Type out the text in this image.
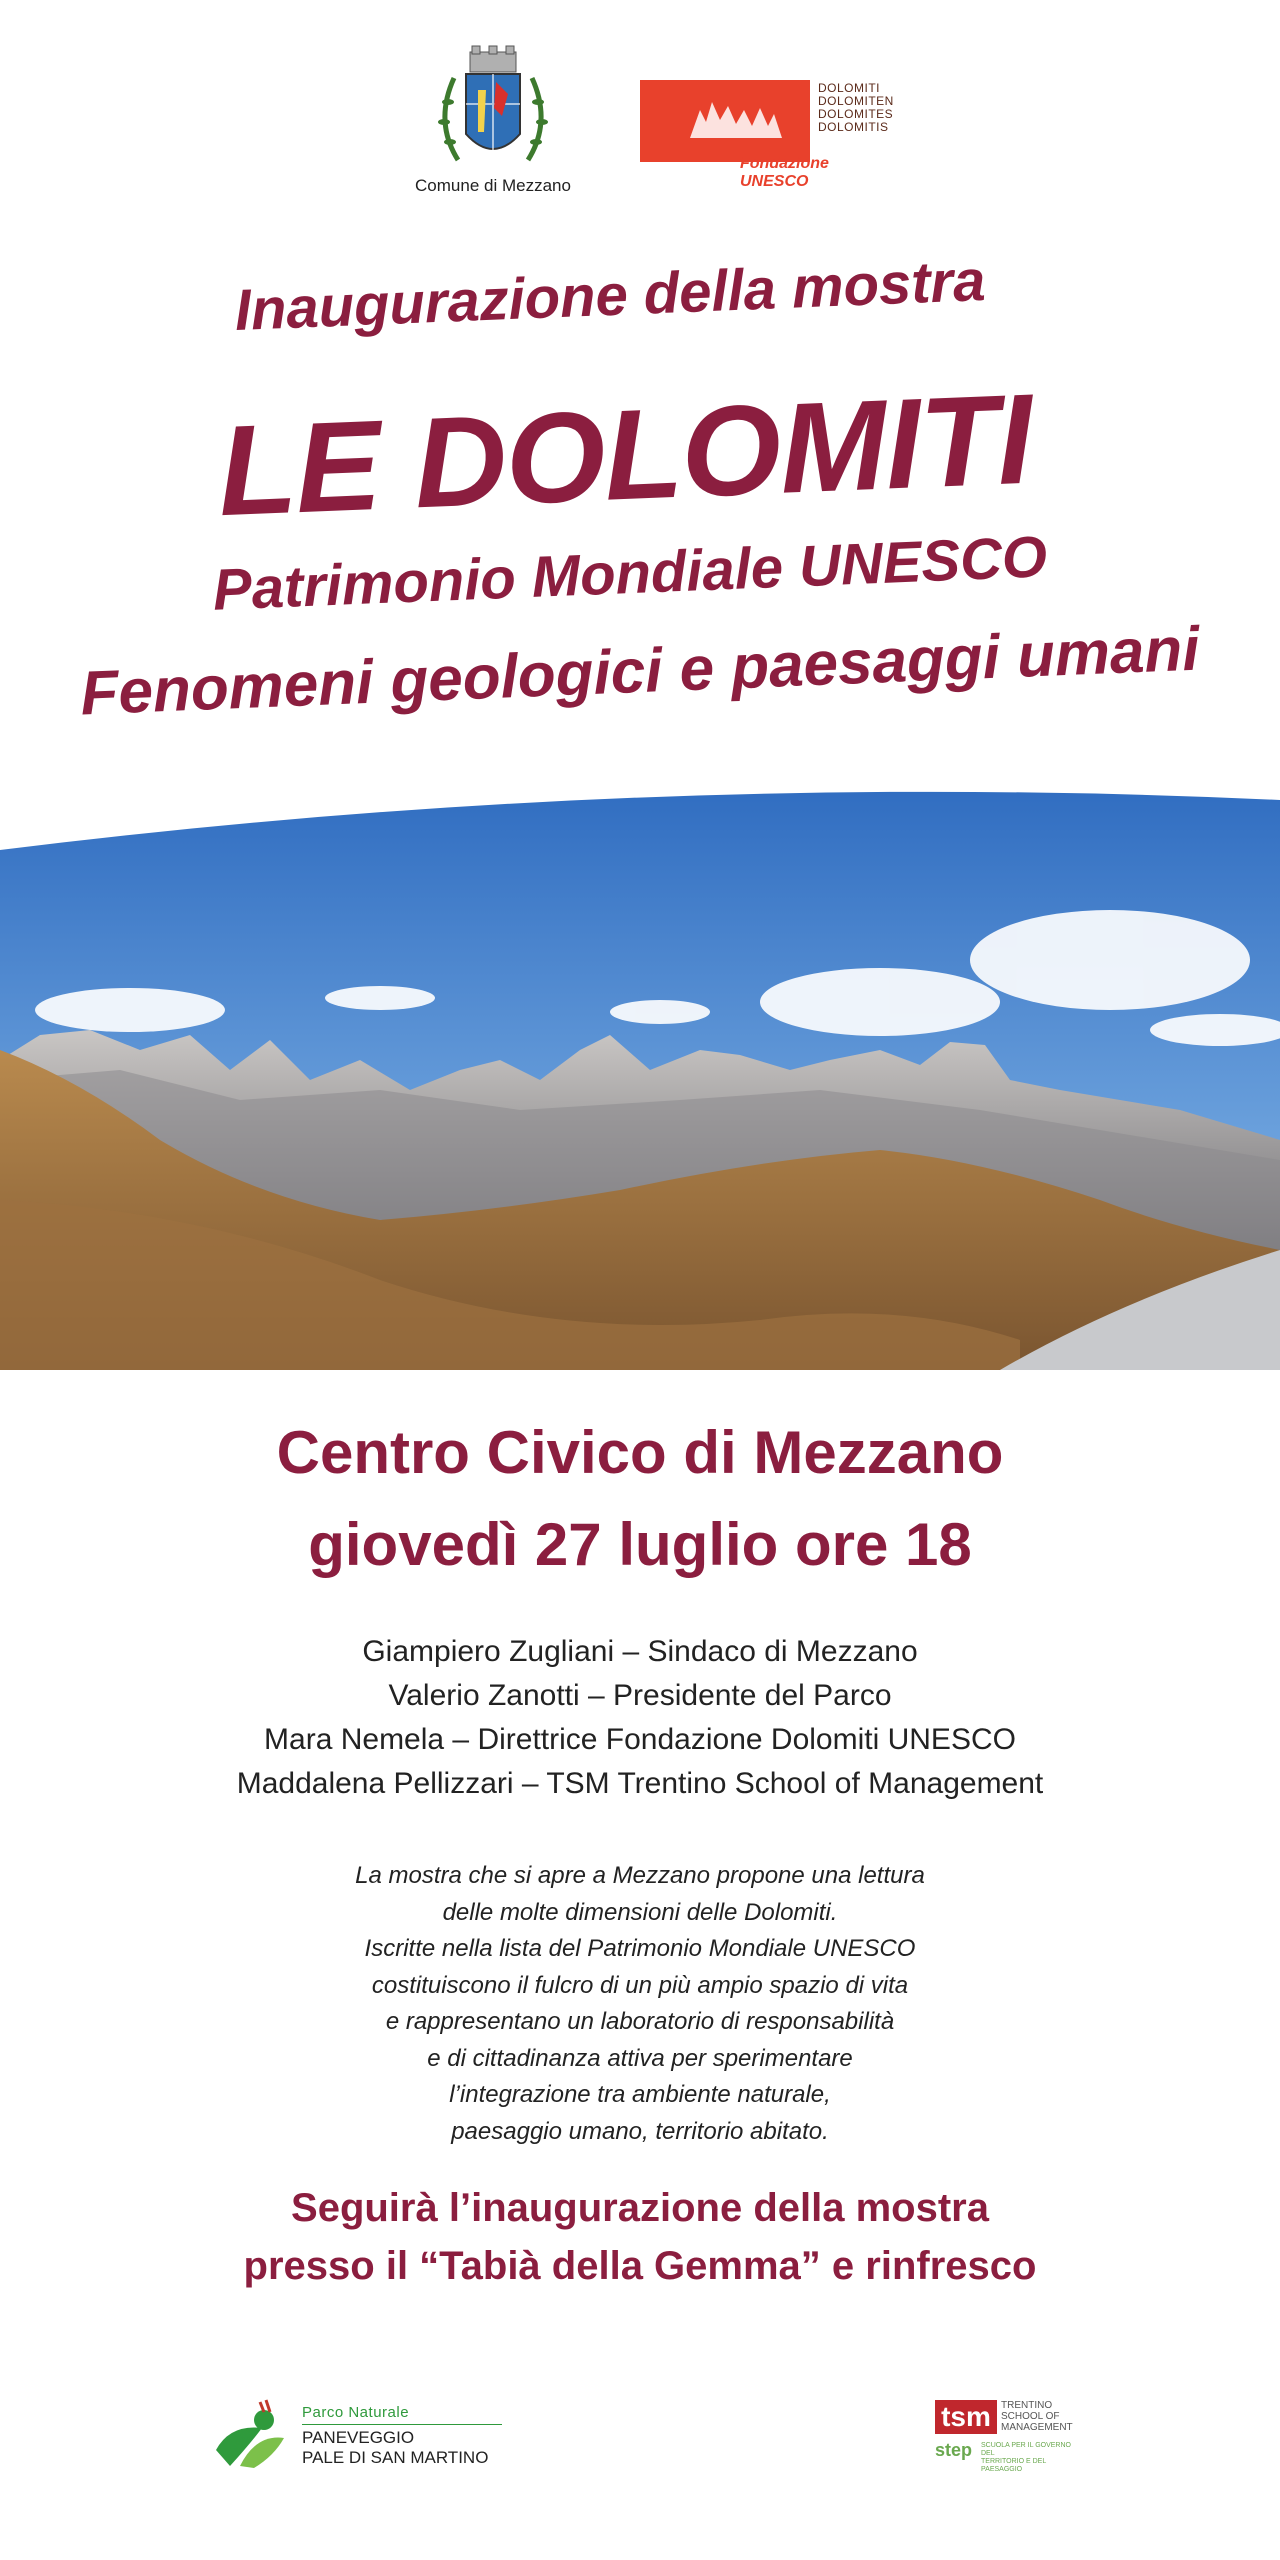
Comune di Mezzano
DOLOMITI
DOLOMITEN
DOLOMITES
DOLOMITIS
Fondazione UNESCO
Inaugurazione della mostra
LE DOLOMITI
Patrimonio Mondiale UNESCO
Fenomeni geologici e paesaggi umani
Centro Civico di Mezzano
giovedì 27 luglio ore 18
Giampiero Zugliani – Sindaco di Mezzano
Valerio Zanotti – Presidente del Parco
Mara Nemela – Direttrice Fondazione Dolomiti UNESCO
Maddalena Pellizzari – TSM Trentino School of Management
La mostra che si apre a Mezzano propone una lettura
delle molte dimensioni delle Dolomiti.
Iscritte nella lista del Patrimonio Mondiale UNESCO
costituiscono il fulcro di un più ampio spazio di vita
e rappresentano un laboratorio di responsabilità
e di cittadinanza attiva per sperimentare
l’integrazione tra ambiente naturale,
paesaggio umano, territorio abitato.
Seguirà l’inaugurazione della mostra
presso il “Tabià della Gemma” e rinfresco
Parco Naturale
PANEVEGGIO
PALE DI SAN MARTINO
tsm	TRENTINO
SCHOOL OF
MANAGEMENT
step SCUOLA PER IL GOVERNO DEL
TERRITORIO E DEL PAESAGGIO
